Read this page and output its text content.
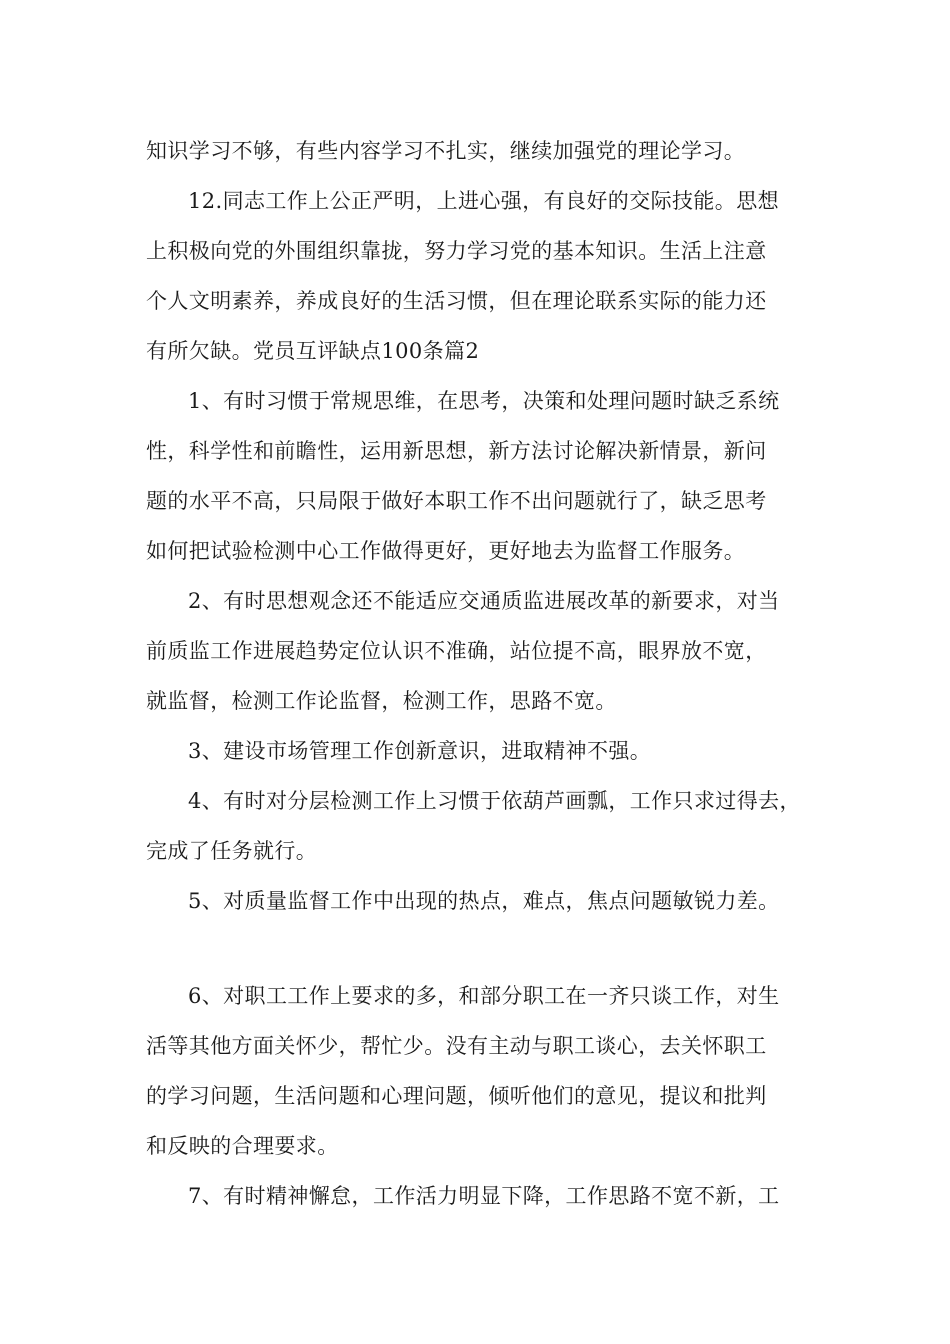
知识学习不够，有些内容学习不扎实，继续加强党的理论学习。
12.同志工作上公正严明，上进心强，有良好的交际技能。思想
上积极向党的外围组织靠拢，努力学习党的基本知识。生活上注意
个人文明素养，养成良好的生活习惯，但在理论联系实际的能力还
有所欠缺。党员互评缺点100条篇2
1、有时习惯于常规思维，在思考，决策和处理问题时缺乏系统
性，科学性和前瞻性，运用新思想，新方法讨论解决新情景，新问
题的水平不高，只局限于做好本职工作不出问题就行了，缺乏思考
如何把试验检测中心工作做得更好，更好地去为监督工作服务。
2、有时思想观念还不能适应交通质监进展改革的新要求，对当
前质监工作进展趋势定位认识不准确，站位提不高，眼界放不宽，
就监督，检测工作论监督，检测工作，思路不宽。
3、建设市场管理工作创新意识，进取精神不强。
4、有时对分层检测工作上习惯于依葫芦画瓢，工作只求过得去，
完成了任务就行。
5、对质量监督工作中出现的热点，难点，焦点问题敏锐力差。
6、对职工工作上要求的多，和部分职工在一齐只谈工作，对生
活等其他方面关怀少，帮忙少。没有主动与职工谈心，去关怀职工
的学习问题，生活问题和心理问题，倾听他们的意见，提议和批判
和反映的合理要求。
7、有时精神懈怠，工作活力明显下降，工作思路不宽不新，工
